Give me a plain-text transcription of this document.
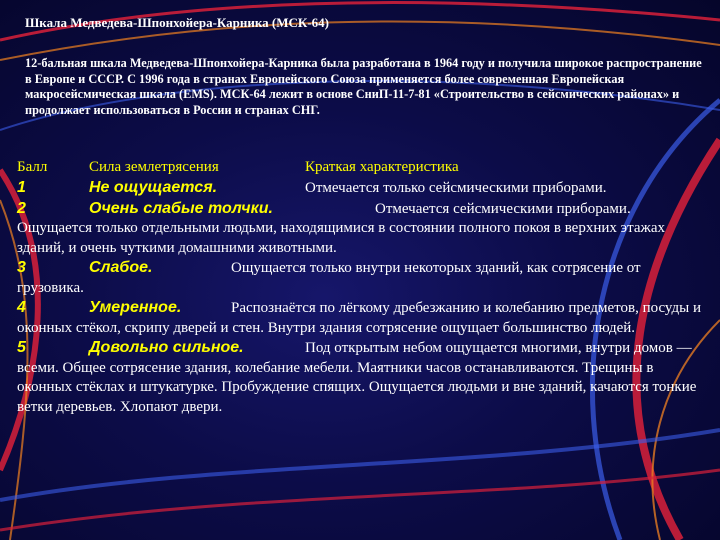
Шкала Медведева-Шпонхойера-Карника (МСК-64)
12-бальная шкала Медведева-Шпонхойера-Карника была разработана в 1964 году и получила широкое распространение в Европе и СССР. С 1996 года в странах Европейского Союза применяется более современная Европейская макросейсмическая шкала (EMS). МСК-64 лежит в основе СниП-11-7-81 «Строительство в сейсмических районах» и продолжает использоваться в России и странах СНГ.
Балл	Сила землетрясения	Краткая характеристика
1	Не ощущается.	Отмечается только сейсмическими приборами.
2	Очень слабые толчки.	Отмечается сейсмическими приборами. Ощущается только отдельными людьми, находящимися в состоянии полного покоя в верхних этажах зданий, и очень чуткими домашними животными.
3	Слабое.	Ощущается только внутри некоторых зданий, как сотрясение от грузовика.
4	Умеренное.	Распознаётся по лёгкому дребезжанию и колебанию предметов, посуды и оконных стёкол, скрипу дверей и стен. Внутри здания сотрясение ощущает большинство людей.
5	Довольно сильное.	Под открытым небом ощущается многими, внутри домов — всеми. Общее сотрясение здания, колебание мебели. Маятники часов останавливаются. Трещины в оконных стёклах и штукатурке. Пробуждение спящих. Ощущается людьми и вне зданий, качаются тонкие ветки деревьев. Хлопают двери.
